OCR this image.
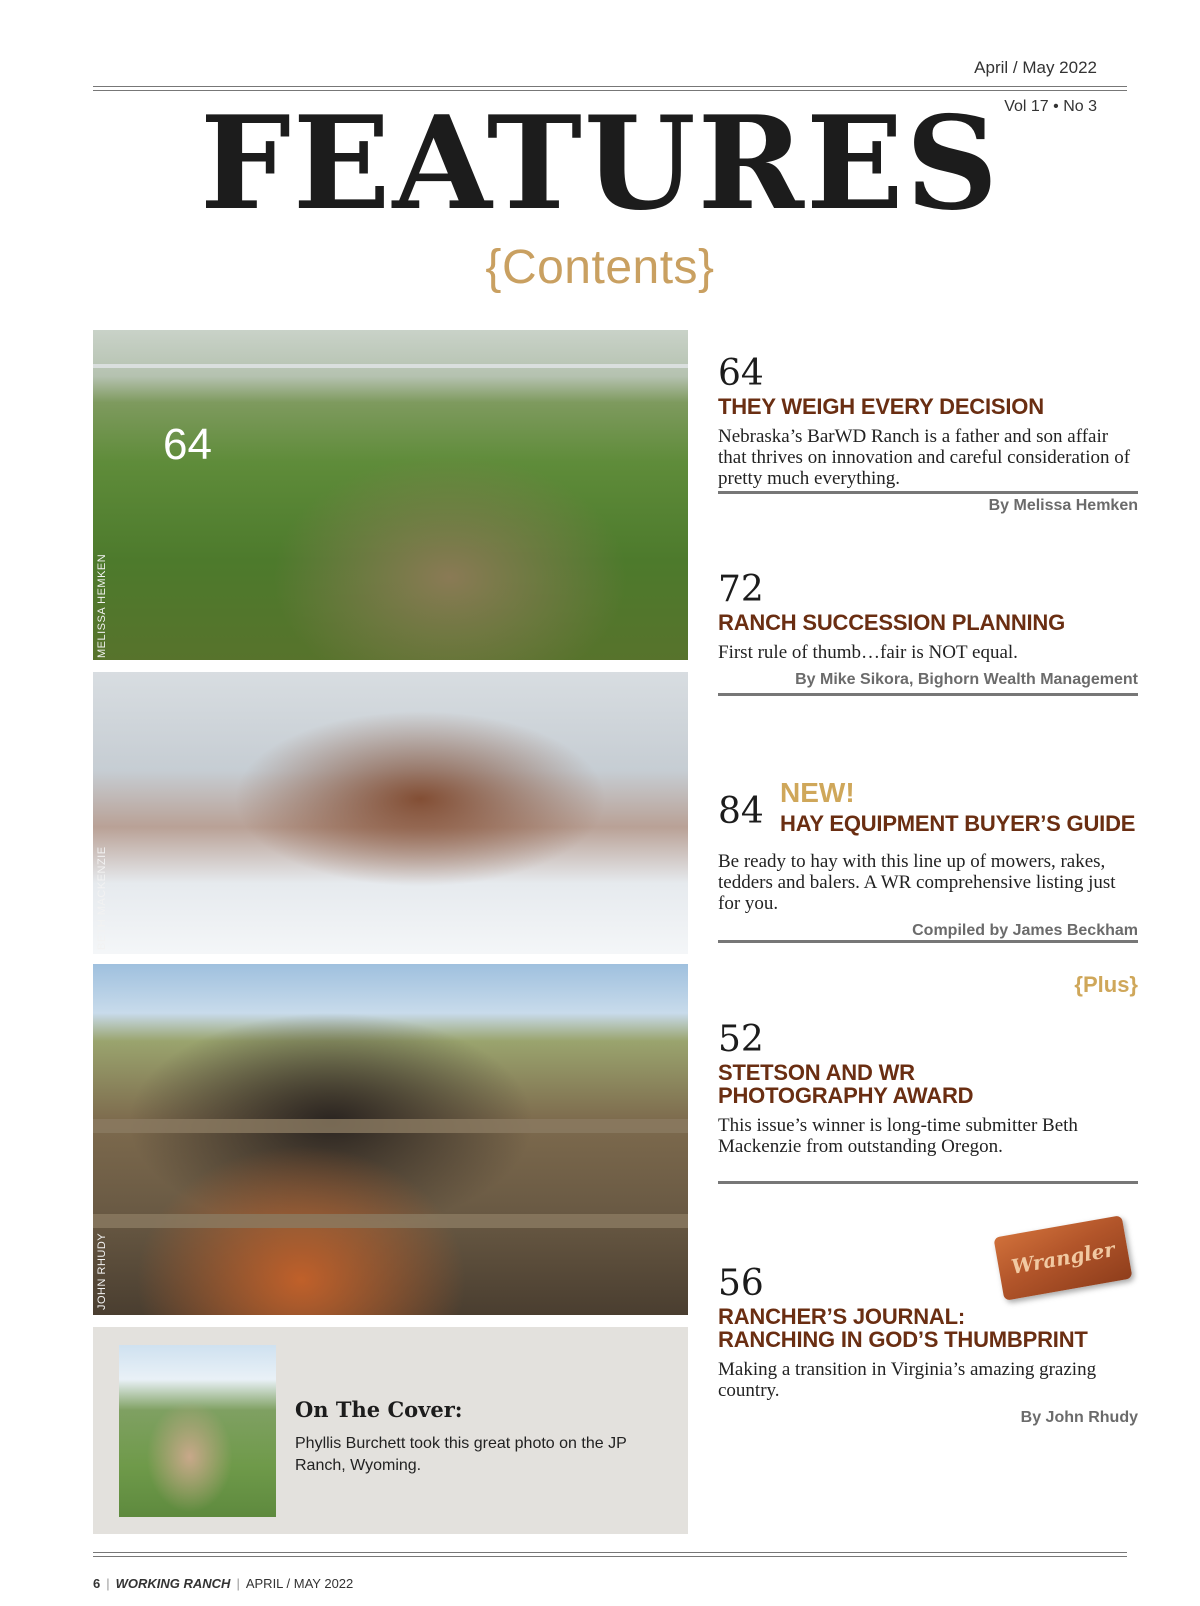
April / May 2022
Vol 17 • No 3
FEATURES
{Contents}
64
MELISSA HEMKEN
BETH MACKENZIE
JOHN RHUDY
On The Cover:
Phyllis Burchett took this great photo on the JP Ranch, Wyoming.
64
THEY WEIGH EVERY DECISION
Nebraska’s BarWD Ranch is a father and son affair that thrives on innovation and careful consideration of pretty much everything.
By Melissa Hemken
72
RANCH SUCCESSION PLANNING
First rule of thumb…fair is NOT equal.
By Mike Sikora, Bighorn Wealth Management
NEW!
84 HAY EQUIPMENT BUYER’S GUIDE
Be ready to hay with this line up of mowers, rakes, tedders and balers. A WR comprehensive listing just for you.
Compiled by James Beckham
{Plus}
52
STETSON AND WR
PHOTOGRAPHY AWARD
This issue’s winner is long-time submitter Beth Mackenzie from outstanding Oregon.
Wrangler
56
RANCHER’S JOURNAL:
RANCHING IN GOD’S THUMBPRINT
Making a transition in Virginia’s amazing grazing country.
By John Rhudy
6 | WORKING RANCH | APRIL / MAY 2022
